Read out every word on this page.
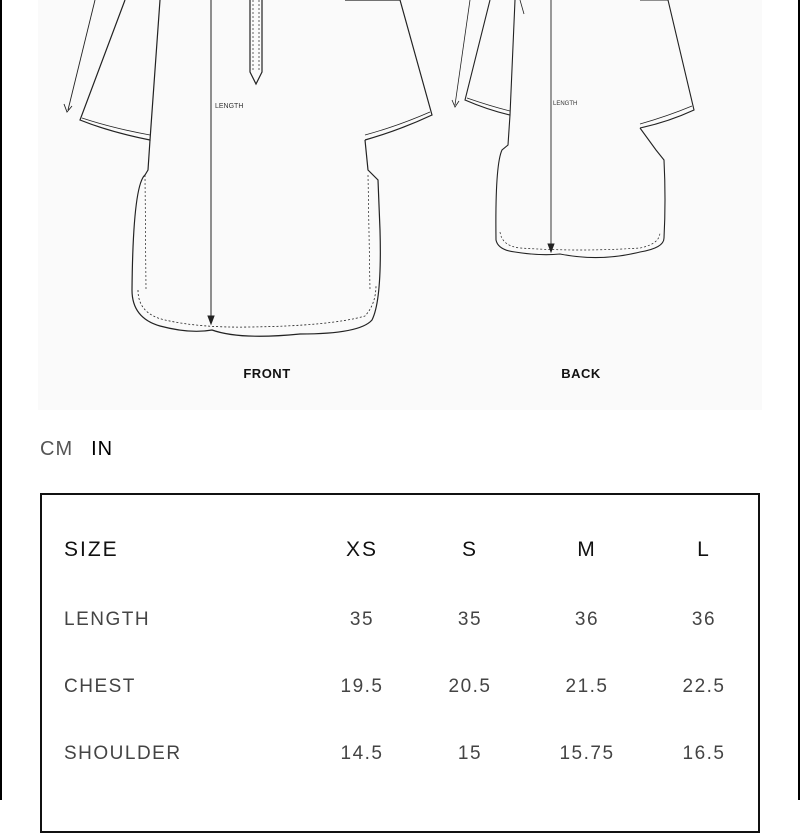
LENGTH	LENGTH
FRONT	BACK
CM IN
SIZE	XS	S	M	L
LENGTH	35	35	36	36
CHEST	19.5	20.5	21.5	22.5
SHOULDER	14.5	15	15.75	16.5
